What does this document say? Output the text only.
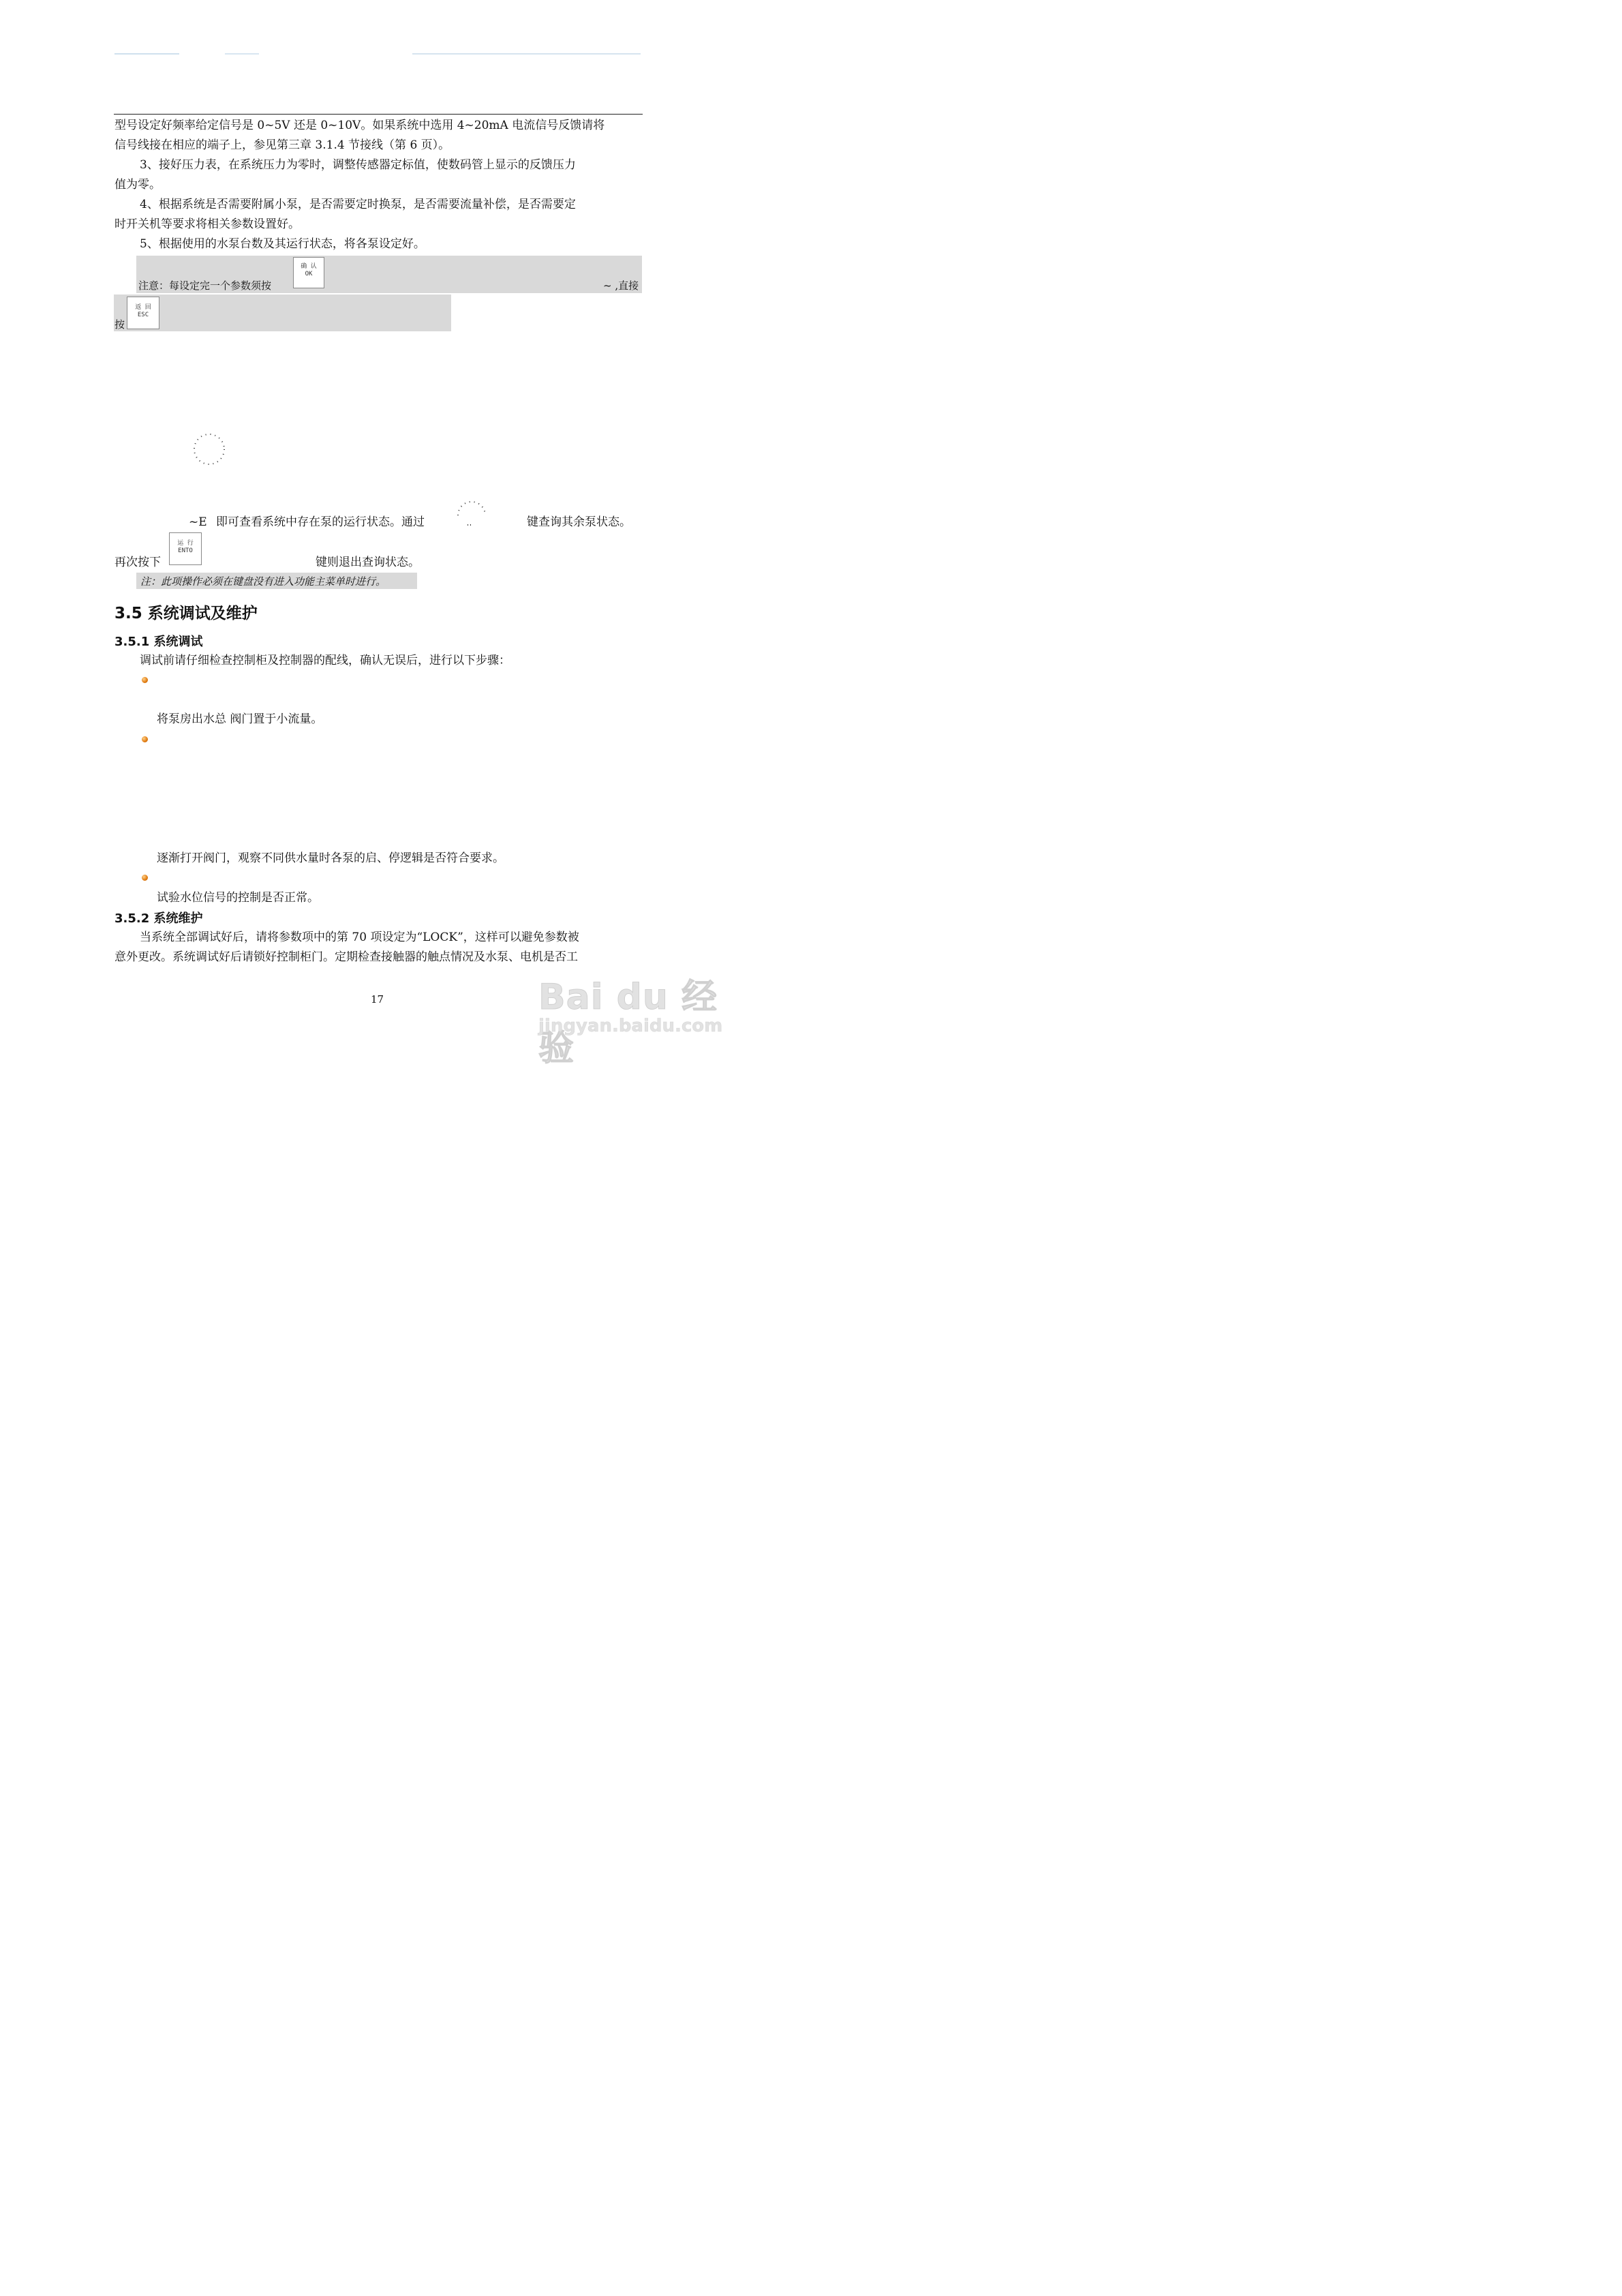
型号设定好频率给定信号是 0~5V 还是 0~10V。如果系统中选用 4~20mA 电流信号反馈请将
信号线接在相应的端子上，参见第三章 3.1.4 节接线（第 6 页）。
3、接好压力表，在系统压力为零时，调整传感器定标值，使数码管上显示的反馈压力
值为零。
4、根据系统是否需要附属小泵，是否需要定时换泵，是否需要流量补偿，是否需要定
时开关机等要求将相关参数设置好。
5、根据使用的水泵台数及其运行状态，将各泵设定好。
注意：每设定完一个参数须按
确 认
OK
~ ,直接
按
返 回
ESC
~E 即可查看系统中存在泵的运行状态。通过	键查询其余泵状态。
再次按下
运 行
ENTO
键则退出查询状态。
注：此项操作必须在键盘没有进入功能主菜单时进行。
3.5 系统调试及维护
3.5.1 系统调试
调试前请仔细检查控制柜及控制器的配线，确认无误后，进行以下步骤：
将泵房出水总 阀门置于小流量。
逐渐打开阀门，观察不同供水量时各泵的启、停逻辑是否符合要求。
试验水位信号的控制是否正常。
3.5.2 系统维护
当系统全部调试好后，请将参数项中的第 70 项设定为“LOCK”，这样可以避免参数被
意外更改。系统调试好后请锁好控制柜门。定期检查接触器的触点情况及水泵、电机是否工
17	Bai du 经验
jingyan.baidu.com
